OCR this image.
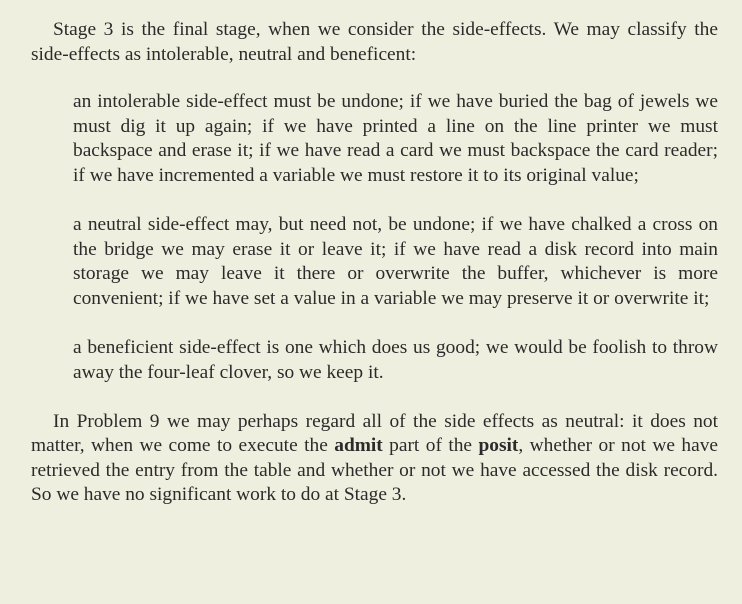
Stage 3 is the final stage, when we consider the side-effects. We may classify the side-effects as intolerable, neutral and beneficent:

an intolerable side-effect must be undone; if we have buried the bag of jewels we must dig it up again; if we have printed a line on the line printer we must backspace and erase it; if we have read a card we must backspace the card reader; if we have incremented a variable we must restore it to its original value;

a neutral side-effect may, but need not, be undone; if we have chalked a cross on the bridge we may erase it or leave it; if we have read a disk record into main storage we may leave it there or overwrite the buffer, whichever is more convenient; if we have set a value in a variable we may preserve it or overwrite it;

a beneficient side-effect is one which does us good; we would be foolish to throw away the four-leaf clover, so we keep it.

In Problem 9 we may perhaps regard all of the side effects as neutral: it does not matter, when we come to execute the admit part of the posit, whether or not we have retrieved the entry from the table and whether or not we have accessed the disk record. So we have no significant work to do at Stage 3.
